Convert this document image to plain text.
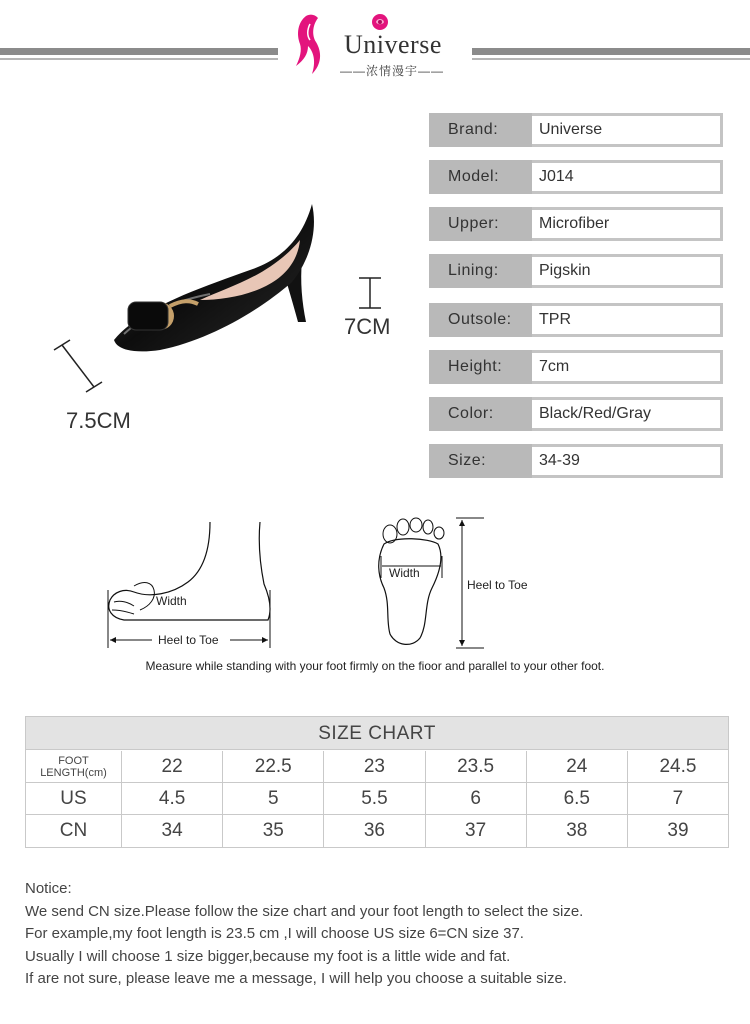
Universe
——浓情漫宇——
7CM
7.5CM
Brand:	Universe
Model:	J014
Upper:	Microfiber
Lining:	Pigskin
Outsole:	TPR
Height:	7cm
Color:	Black/Red/Gray
Size:	34-39
Width
Heel to Toe
Width
Heel to Toe
Measure while standing with your foot firmly on the fioor and parallel to your other foot.
SIZE CHART
FOOT
LENGTH(cm)	22	22.5	23	23.5	24	24.5
US	4.5	5	5.5	6	6.5	7
CN	34	35	36	37	38	39

Notice:

We send CN size.Please follow the size chart and your foot length to select the size.

For example,my foot length is 23.5 cm ,I will choose US size 6=CN size 37.

Usually I will choose 1 size bigger,because my foot is a little wide and fat.

If are not sure, please leave me a message, I will help you choose a suitable size.
